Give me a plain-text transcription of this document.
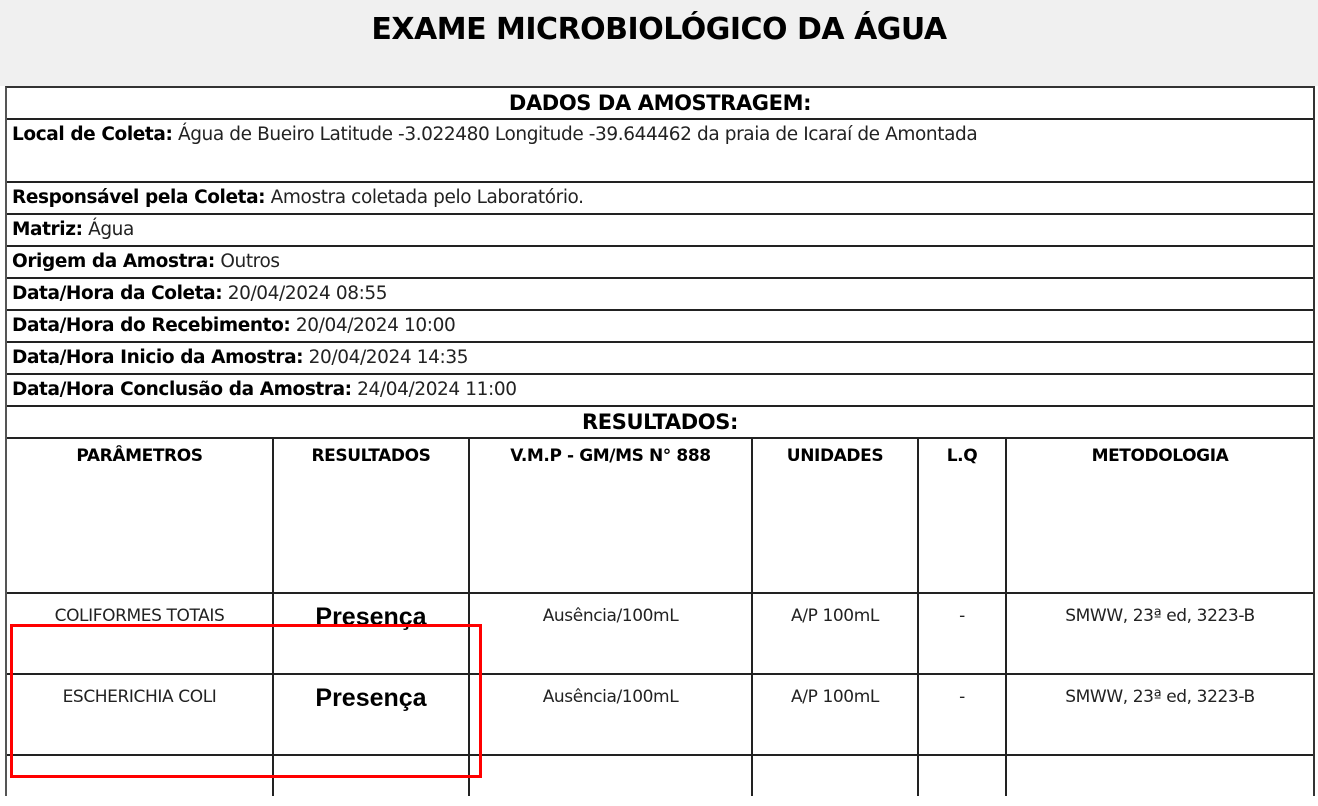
EXAME MICROBIOLÓGICO DA ÁGUA
DADOS DA AMOSTRAGEM:
Local de Coleta: Água de Bueiro Latitude -3.022480 Longitude -39.644462 da praia de Icaraí de Amontada
Responsável pela Coleta: Amostra coletada pelo Laboratório.
Matriz: Água
Origem da Amostra: Outros
Data/Hora da Coleta: 20/04/2024 08:55
Data/Hora do Recebimento: 20/04/2024 10:00
Data/Hora Inicio da Amostra: 20/04/2024 14:35
Data/Hora Conclusão da Amostra: 24/04/2024 11:00
RESULTADOS:
PARÂMETROS	RESULTADOS	V.M.P - GM/MS N° 888	UNIDADES	L.Q	METODOLOGIA
COLIFORMES TOTAIS	Presença	Ausência/100mL	A/P 100mL	-	SMWW, 23ª ed, 3223-B
ESCHERICHIA COLI	Presença	Ausência/100mL	A/P 100mL	-	SMWW, 23ª ed, 3223-B
